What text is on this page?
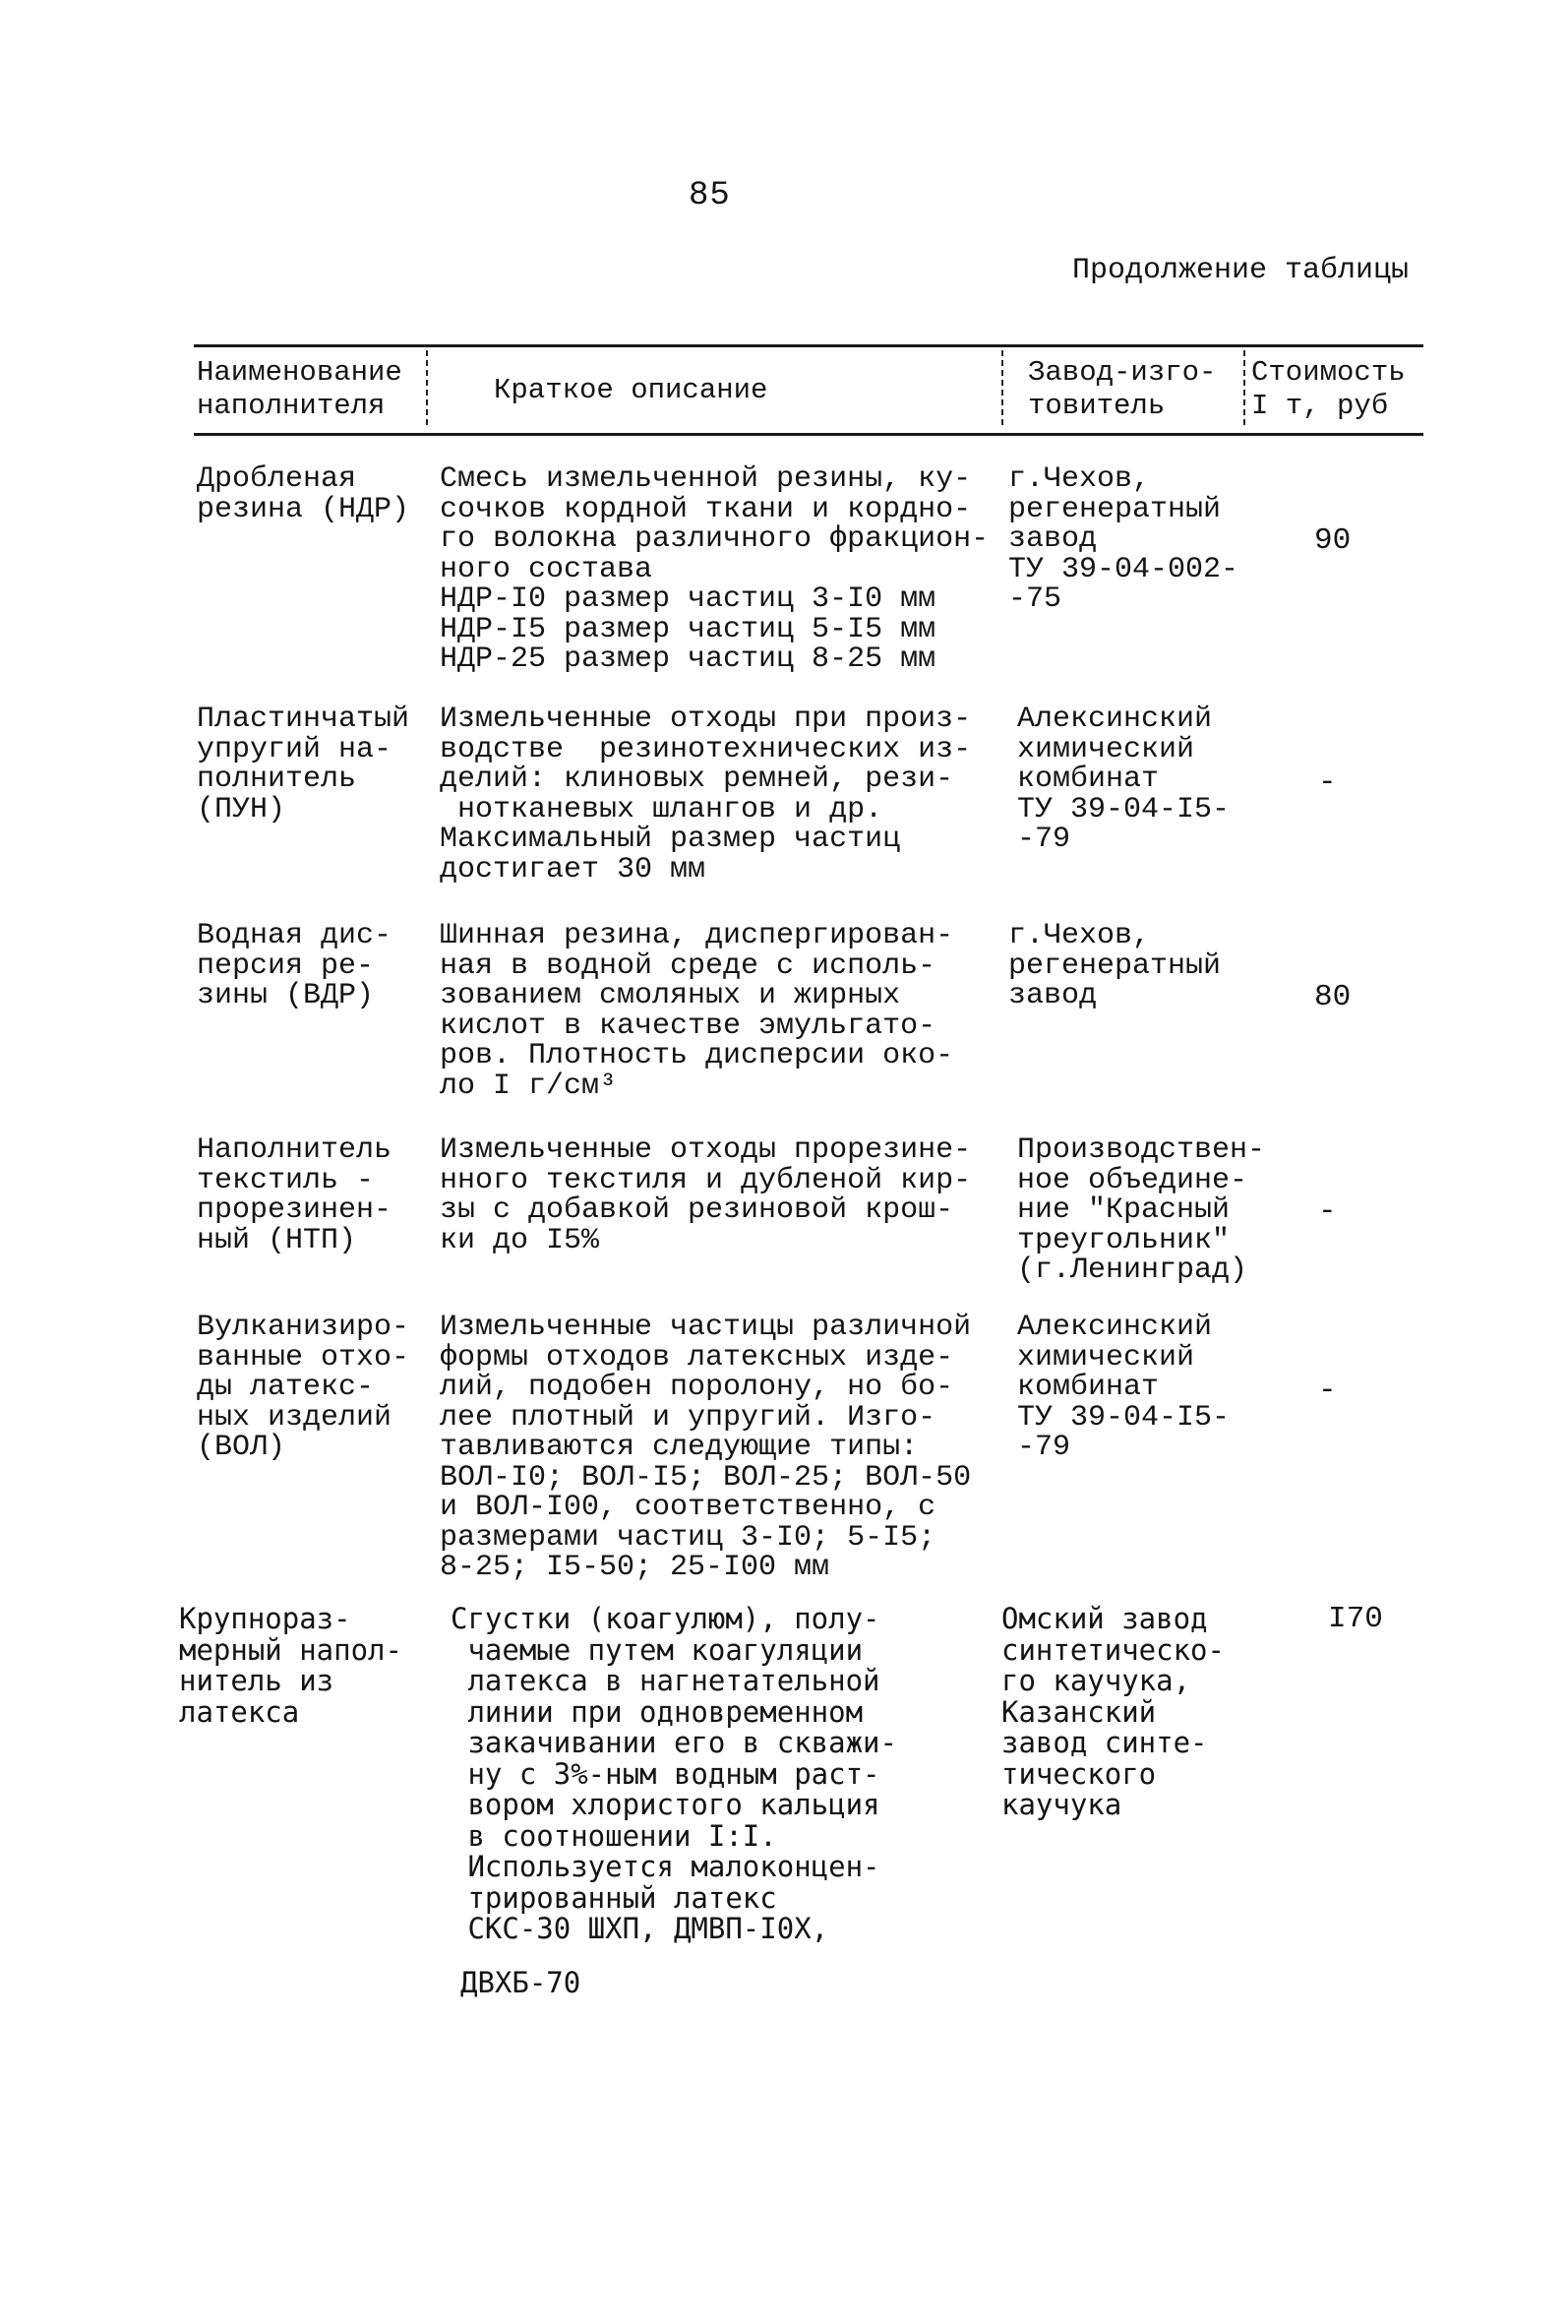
85
Продолжение таблицы
Наименование
наполнителя	Краткое описание
Завод-изго-
товитель
Стоимость
I т, руб
Дробленая
резина (НДР)
Смесь измельченной резины, ку-
сочков кордной ткани и кордно-
го волокна различного фракцион-
ного состава
НДР-I0 размер частиц 3-I0 мм
НДР-I5 размер частиц 5-I5 мм
НДР-25 размер частиц 8-25 мм
г.Чехов,
регенератный
завод
ТУ 39-04-002-
-75
90
Пластинчатый
упругий на-
полнитель
(ПУН)
Измельченные отходы при произ-
водстве  резинотехнических из-
делий: клиновых ремней, рези-
нотканевых шлангов и др.
Максимальный размер частиц
достигает 30 мм
Алексинский
химический
комбинат
ТУ 39-04-I5-
-79
-
Водная дис-
персия ре-
зины (ВДР)
Шинная резина, диспергирован-
ная в водной среде с исполь-
зованием смоляных и жирных
кислот в качестве эмульгато-
ров. Плотность дисперсии око-
ло I г/см³
г.Чехов,
регенератный
завод	80
Наполнитель
текстиль -
прорезинен-
ный (НТП)
Измельченные отходы прорезине-
нного текстиля и дубленой кир-
зы с добавкой резиновой крош-
ки до I5%
Производствен-
ное объедине-
ние "Красный
треугольник"
(г.Ленинград)
-
Вулканизиро-
ванные отхо-
ды латекс-
ных изделий
(ВОЛ)
Измельченные частицы различной
формы отходов латексных изде-
лий, подобен поролону, но бо-
лее плотный и упругий. Изго-
тавливаются следующие типы:
ВОЛ-I0; ВОЛ-I5; ВОЛ-25; ВОЛ-50
и ВОЛ-I00, соответственно, с
размерами частиц 3-I0; 5-I5;
8-25; I5-50; 25-I00 мм
Алексинский
химический
комбинат
ТУ 39-04-I5-
-79
-
Крупнораз-
мерный напол-
нитель из
латекса
Сгустки (коагулюм), полу-
чаемые путем коагуляции
латекса в нагнетательной
линии при одновременном
закачивании его в скважи-
ну с 3%-ным водным раст-
вором хлористого кальция
в соотношении I:I.
Используется малоконцен-
трированный латекс
СКС-30 ШХП, ДМВП-I0Х,
ДВХБ-70
Омский завод
синтетическо-
го каучука,
Казанский
завод синте-
тического
каучука
I70
